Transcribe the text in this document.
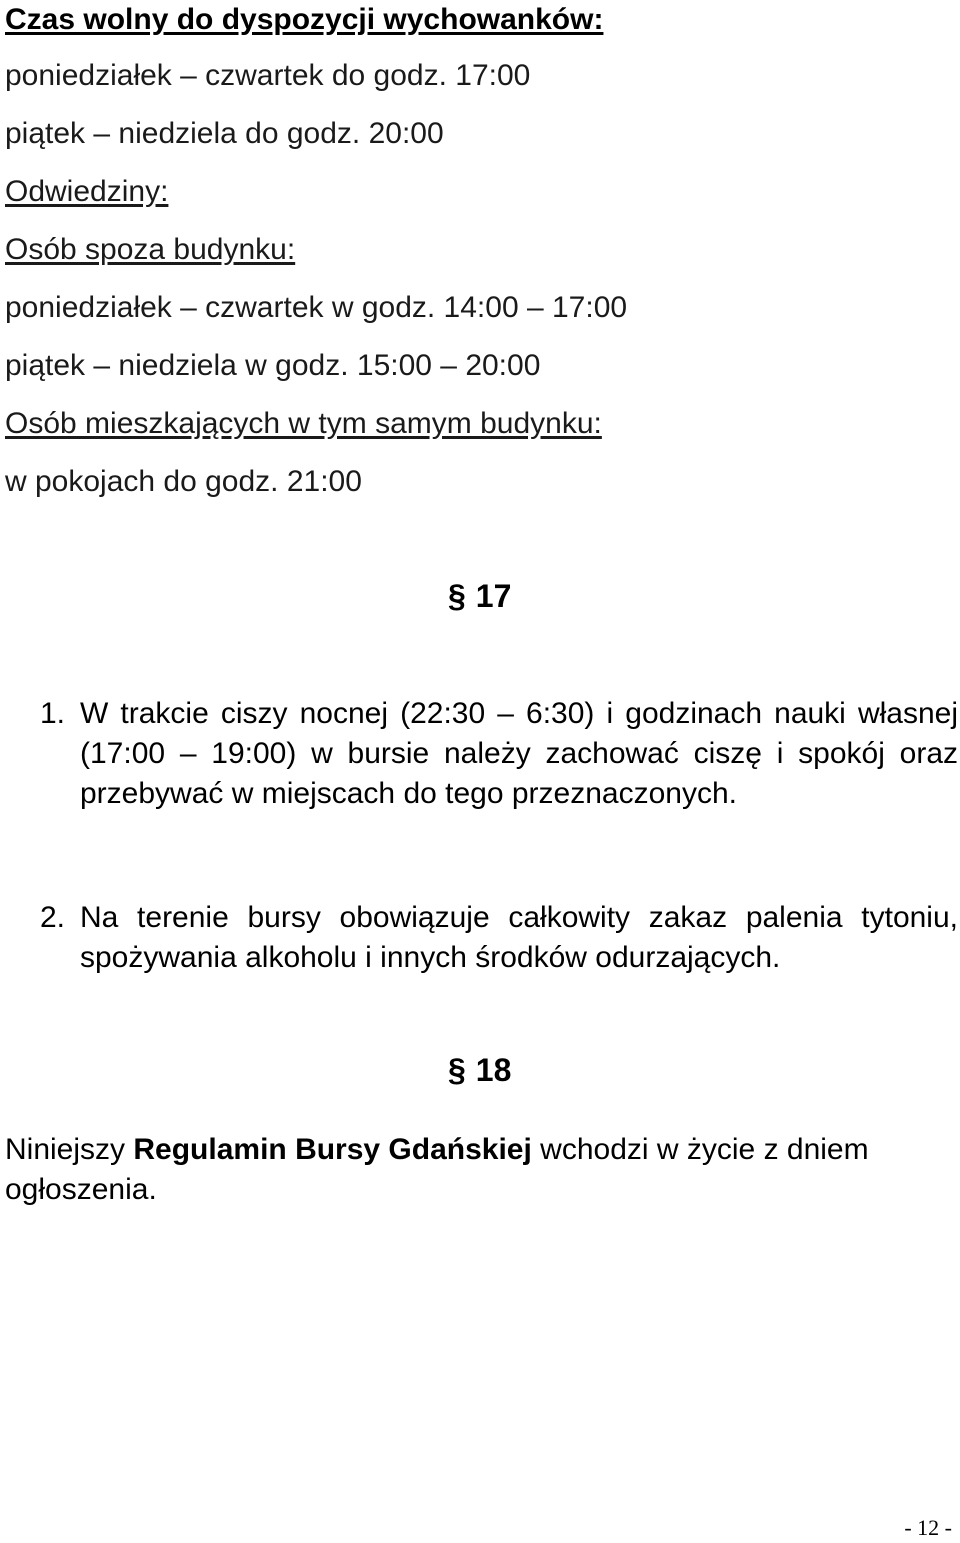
Czas wolny do dyspozycji wychowanków:
poniedziałek – czwartek do godz. 17:00
piątek – niedziela do godz. 20:00
Odwiedziny:
Osób spoza budynku:
poniedziałek – czwartek w godz. 14:00 – 17:00
piątek – niedziela w godz. 15:00 – 20:00
Osób mieszkających w tym samym budynku:
w pokojach do godz. 21:00
§ 17
1. W trakcie ciszy nocnej (22:30 – 6:30) i godzinach nauki własnej (17:00 – 19:00) w bursie należy zachować ciszę i spokój oraz przebywać w miejscach do tego przeznaczonych.
2. Na terenie bursy obowiązuje całkowity zakaz palenia tytoniu, spożywania alkoholu i innych środków odurzających.
§ 18
Niniejszy Regulamin Bursy Gdańskiej wchodzi w życie z dniem ogłoszenia.
- 12 -
